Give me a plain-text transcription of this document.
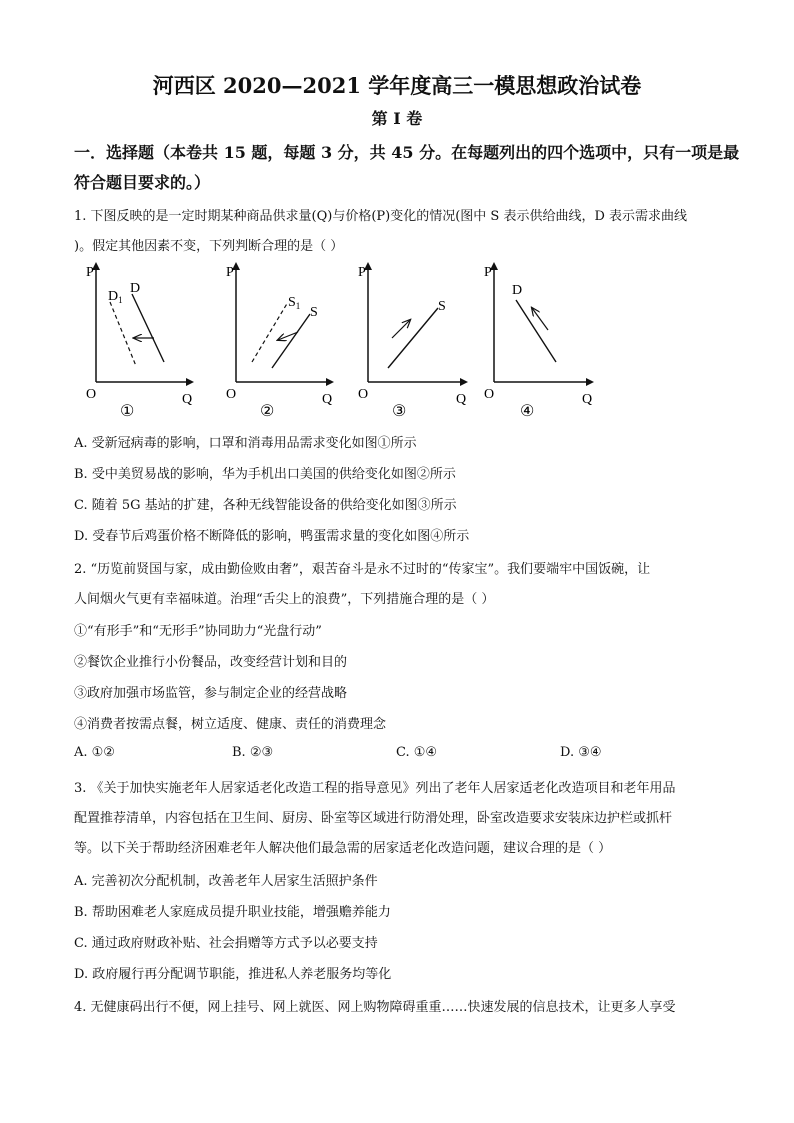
河西区 2020—2021 学年度高三一模思想政治试卷
第 I 卷
一．选择题（本卷共 15 题，每题 3 分，共 45 分。在每题列出的四个选项中，只有一项是最
符合题目要求的。）
1. 下图反映的是一定时期某种商品供求量(Q)与价格(P)变化的情况(图中 S 表示供给曲线，D 表示需求曲线
)。假定其他因素不变，下列判断合理的是（ ）
P
Q
O
D
$D_1$
①
P
Q
O
S
$S_1$
②
P
Q
O
S
③
P
Q
O
D
④
A. 受新冠病毒的影响，口罩和消毒用品需求变化如图①所示
B. 受中美贸易战的影响，华为手机出口美国的供给变化如图②所示
C. 随着 5G 基站的扩建，各种无线智能设备的供给变化如图③所示
D. 受春节后鸡蛋价格不断降低的影响，鸭蛋需求量的变化如图④所示
2. “历览前贤国与家，成由勤俭败由奢”，艰苦奋斗是永不过时的“传家宝”。我们要端牢中国饭碗，让
人间烟火气更有幸福味道。治理“舌尖上的浪费”，下列措施合理的是（ ）
①“有形手”和“无形手”协同助力“光盘行动”
②餐饮企业推行小份餐品，改变经营计划和目的
③政府加强市场监管，参与制定企业的经营战略
④消费者按需点餐，树立适度、健康、责任的消费理念
A. ①②	B. ②③	C. ①④	D. ③④
3. 《关于加快实施老年人居家适老化改造工程的指导意见》列出了老年人居家适老化改造项目和老年用品
配置推荐清单，内容包括在卫生间、厨房、卧室等区域进行防滑处理，卧室改造要求安装床边护栏或抓杆
等。以下关于帮助经济困难老年人解决他们最急需的居家适老化改造问题，建议合理的是（ ）
A. 完善初次分配机制，改善老年人居家生活照护条件
B. 帮助困难老人家庭成员提升职业技能，增强赡养能力
C. 通过政府财政补贴、社会捐赠等方式予以必要支持
D. 政府履行再分配调节职能，推进私人养老服务均等化
4. 无健康码出行不便，网上挂号、网上就医、网上购物障碍重重……快速发展的信息技术，让更多人享受
